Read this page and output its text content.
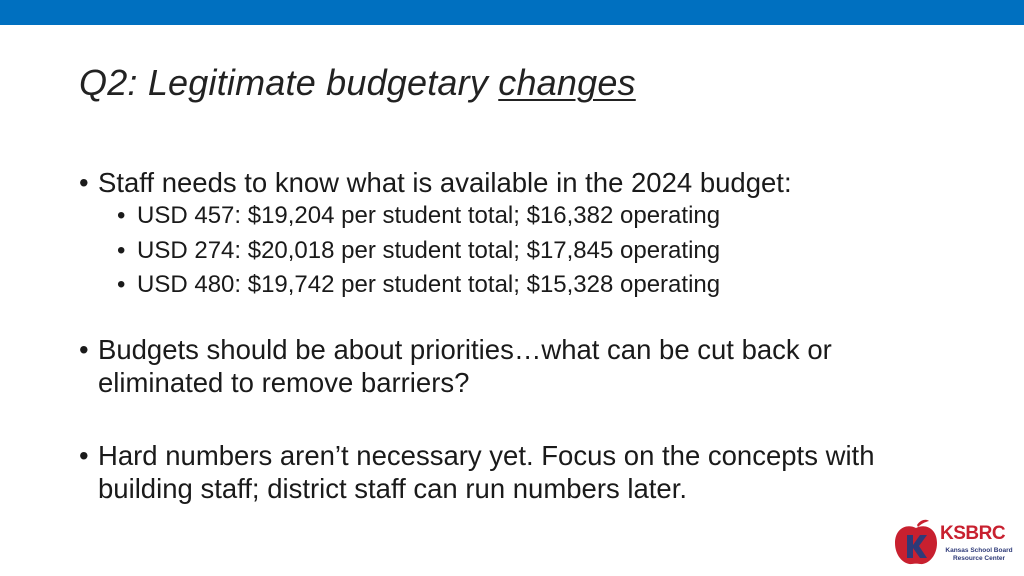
Q2: Legitimate budgetary changes
• Staff needs to know what is available in the 2024 budget:
• USD 457: $19,204 per student total; $16,382 operating
• USD 274: $20,018 per student total; $17,845 operating
• USD 480: $19,742 per student total; $15,328 operating
• Budgets should be about priorities…what can be cut back or eliminated to remove barriers?
• Hard numbers aren’t necessary yet. Focus on the concepts with building staff; district staff can run numbers later.
KSBRC
Kansas School Board Resource Center
